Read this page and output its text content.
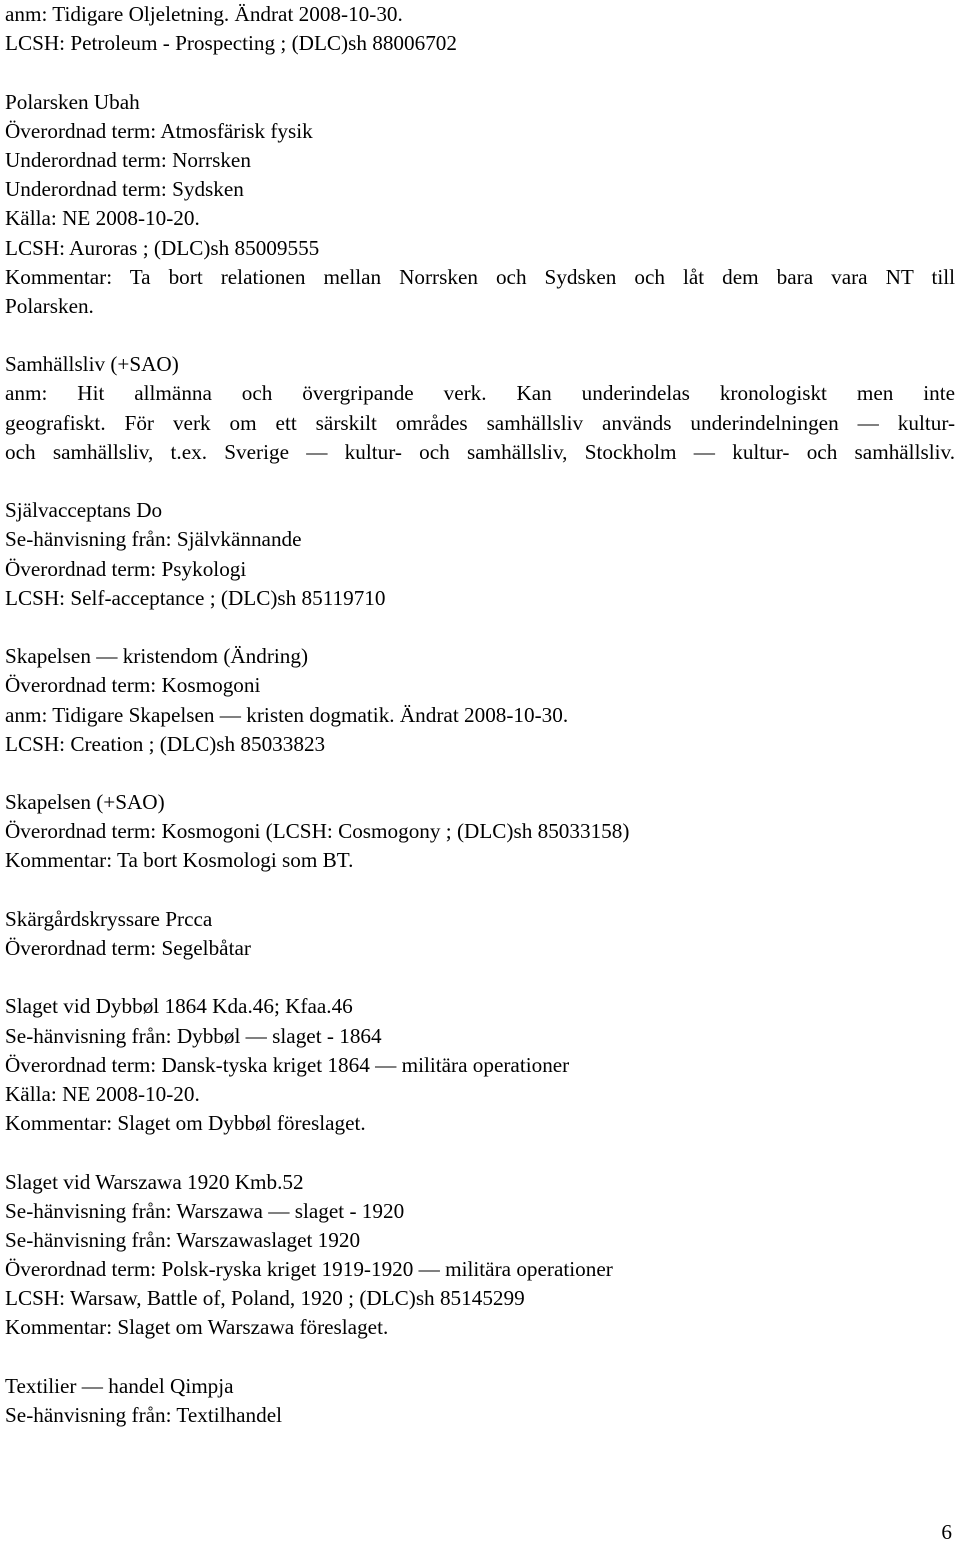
anm: Tidigare Oljeletning. Ändrat 2008-10-30.
LCSH: Petroleum - Prospecting ; (DLC)sh 88006702
Polarsken Ubah
Överordnad term: Atmosfärisk fysik
Underordnad term: Norrsken
Underordnad term: Sydsken
Källa: NE 2008-10-20.
LCSH: Auroras ; (DLC)sh 85009555
Kommentar: Ta bort relationen mellan Norrsken och Sydsken och låt dem bara vara NT till
Polarsken.
Samhällsliv (+SAO)
anm: Hit allmänna och övergripande verk. Kan underindelas kronologiskt men inte
geografiskt. För verk om ett särskilt områdes samhällsliv används underindelningen — kultur-
och samhällsliv, t.ex. Sverige — kultur- och samhällsliv, Stockholm — kultur- och samhällsliv.
Självacceptans Do
Se-hänvisning från: Självkännande
Överordnad term: Psykologi
LCSH: Self-acceptance ; (DLC)sh 85119710
Skapelsen — kristendom (Ändring)
Överordnad term: Kosmogoni
anm: Tidigare Skapelsen — kristen dogmatik. Ändrat 2008-10-30.
LCSH: Creation ; (DLC)sh 85033823
Skapelsen (+SAO)
Överordnad term: Kosmogoni (LCSH: Cosmogony ; (DLC)sh 85033158)
Kommentar: Ta bort Kosmologi som BT.
Skärgårdskryssare Prcca
Överordnad term: Segelbåtar
Slaget vid Dybbøl 1864 Kda.46; Kfaa.46
Se-hänvisning från: Dybbøl — slaget - 1864
Överordnad term: Dansk-tyska kriget 1864 — militära operationer
Källa: NE 2008-10-20.
Kommentar: Slaget om Dybbøl föreslaget.
Slaget vid Warszawa 1920 Kmb.52
Se-hänvisning från: Warszawa — slaget - 1920
Se-hänvisning från: Warszawaslaget 1920
Överordnad term: Polsk-ryska kriget 1919-1920 — militära operationer
LCSH: Warsaw, Battle of, Poland, 1920 ; (DLC)sh 85145299
Kommentar: Slaget om Warszawa föreslaget.
Textilier — handel Qimpja
Se-hänvisning från: Textilhandel
6
